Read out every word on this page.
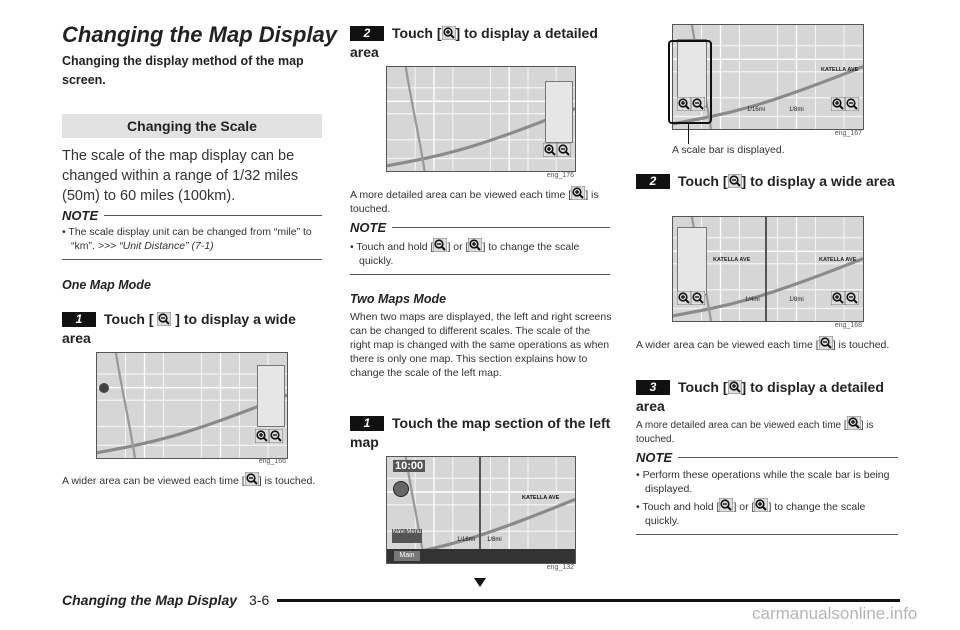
Changing the Map Display
Changing the display method of the map screen.
Changing the Scale
The scale of the map display can be changed within a range of 1/32 miles (50m) to 60 miles (100km).
NOTE
• The scale display unit can be changed from “mile” to “km”. >>> “Unit Distance” (7-1)
One Map Mode
1 Touch [ ] to display a wide area
eng_166
A wider area can be viewed each time [ ] is touched.
2 Touch [ ] to display a detailed area
eng_176
A more detailed area can be viewed each time [ ] is touched.
NOTE
• Touch and hold [ ] or [ ] to change the scale quickly.
Two Maps Mode
When two maps are displayed, the left and right screens can be changed to different scales. The scale of the right map is changed with the same operations as when there is only one map. This section explains how to change the scale of the left map.
1 Touch the map section of the left map
10:00
Navi Menu
Main
1/16mi 1/8mi
KATELLA AVE
eng_132
KATELLA AVE
1/16mi	1/8mi
eng_167
A scale bar is displayed.
2 Touch [ ] to display a wide area
KATELLA AVE	KATELLA AVE
1/4mi	1/8mi
eng_168
A wider area can be viewed each time [ ] is touched.
3 Touch [ ] to display a detailed area
A more detailed area can be viewed each time [ ] is touched.
NOTE
• Perform these operations while the scale bar is being displayed.
• Touch and hold [ ] or [ ] to change the scale quickly.
Changing the Map Display 3-6
carmanualsonline.info
